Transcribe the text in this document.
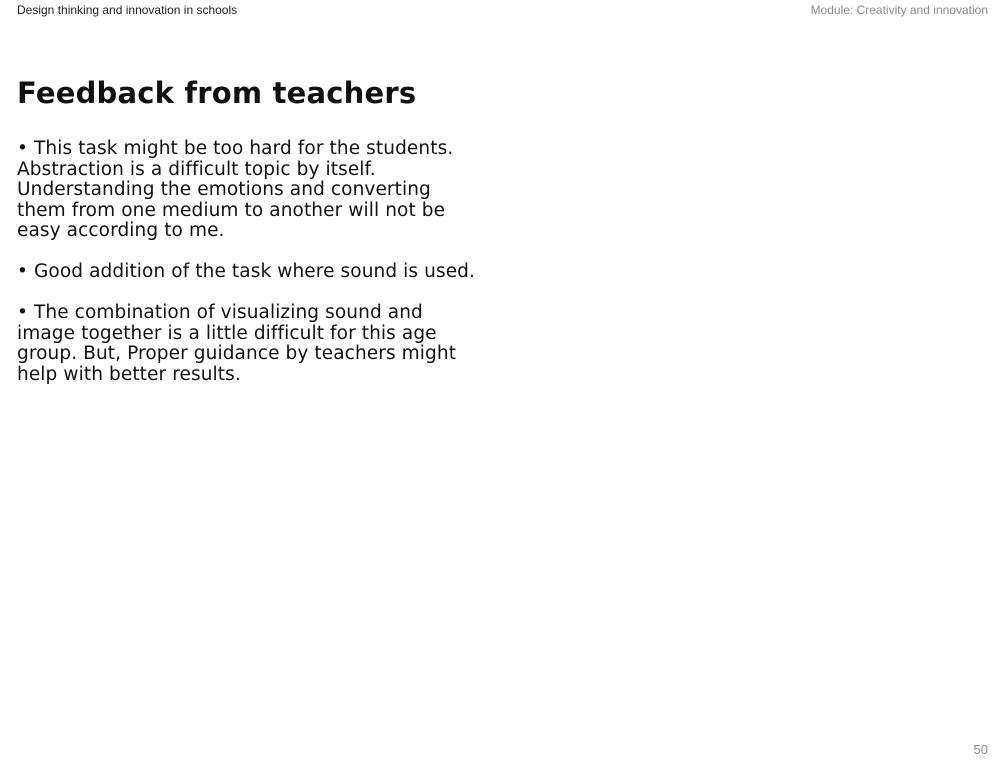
Design thinking and innovation in schools	Module: Creativity and innovation
Feedback from teachers
• This task might be too hard for the students. Abstraction is a difficult topic by itself. Understanding the emotions and converting them from one medium to another will not be easy according to me.
• Good addition of the task where sound is used.
• The combination of visualizing sound and image together is a little difficult for this age group. But, Proper guidance by teachers might help with better results.
50
